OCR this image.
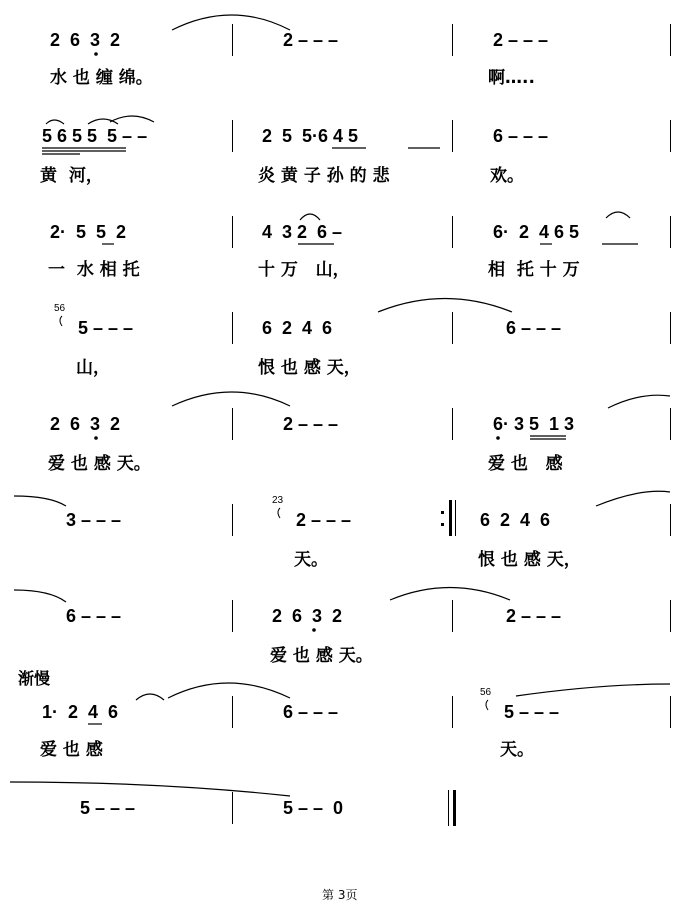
2  6  3  2	2 – – –	2 – – –
水 也 缠 绵。	啊…..
5 6 5 5  5 – –	2  5  5·6 4 5	6 – – –
黄  河，	炎 黄 子 孙 的 悲	欢。
2·  5  5  2	4  3 2  6 –	6·  2  4 6 5
一  水 相 托	十 万   山，	相  托 十 万
56
5 – – –	6  2  4  6	6 – – –
山，	恨 也 感 天，
2  6  3  2	2 – – –	6· 3 5  1 3
爱 也 感 天。	爱 也   感
3 – – –
23
2 – – –	6  2  4  6
天。	恨 也 感 天，
6 – – –	2  6  3  2	2 – – –
爱 也 感 天。
渐慢
1·  2  4  6	6 – – –
56
5 – – –
爱 也 感	天。
5 – – –	5 – –  0
第 3页
